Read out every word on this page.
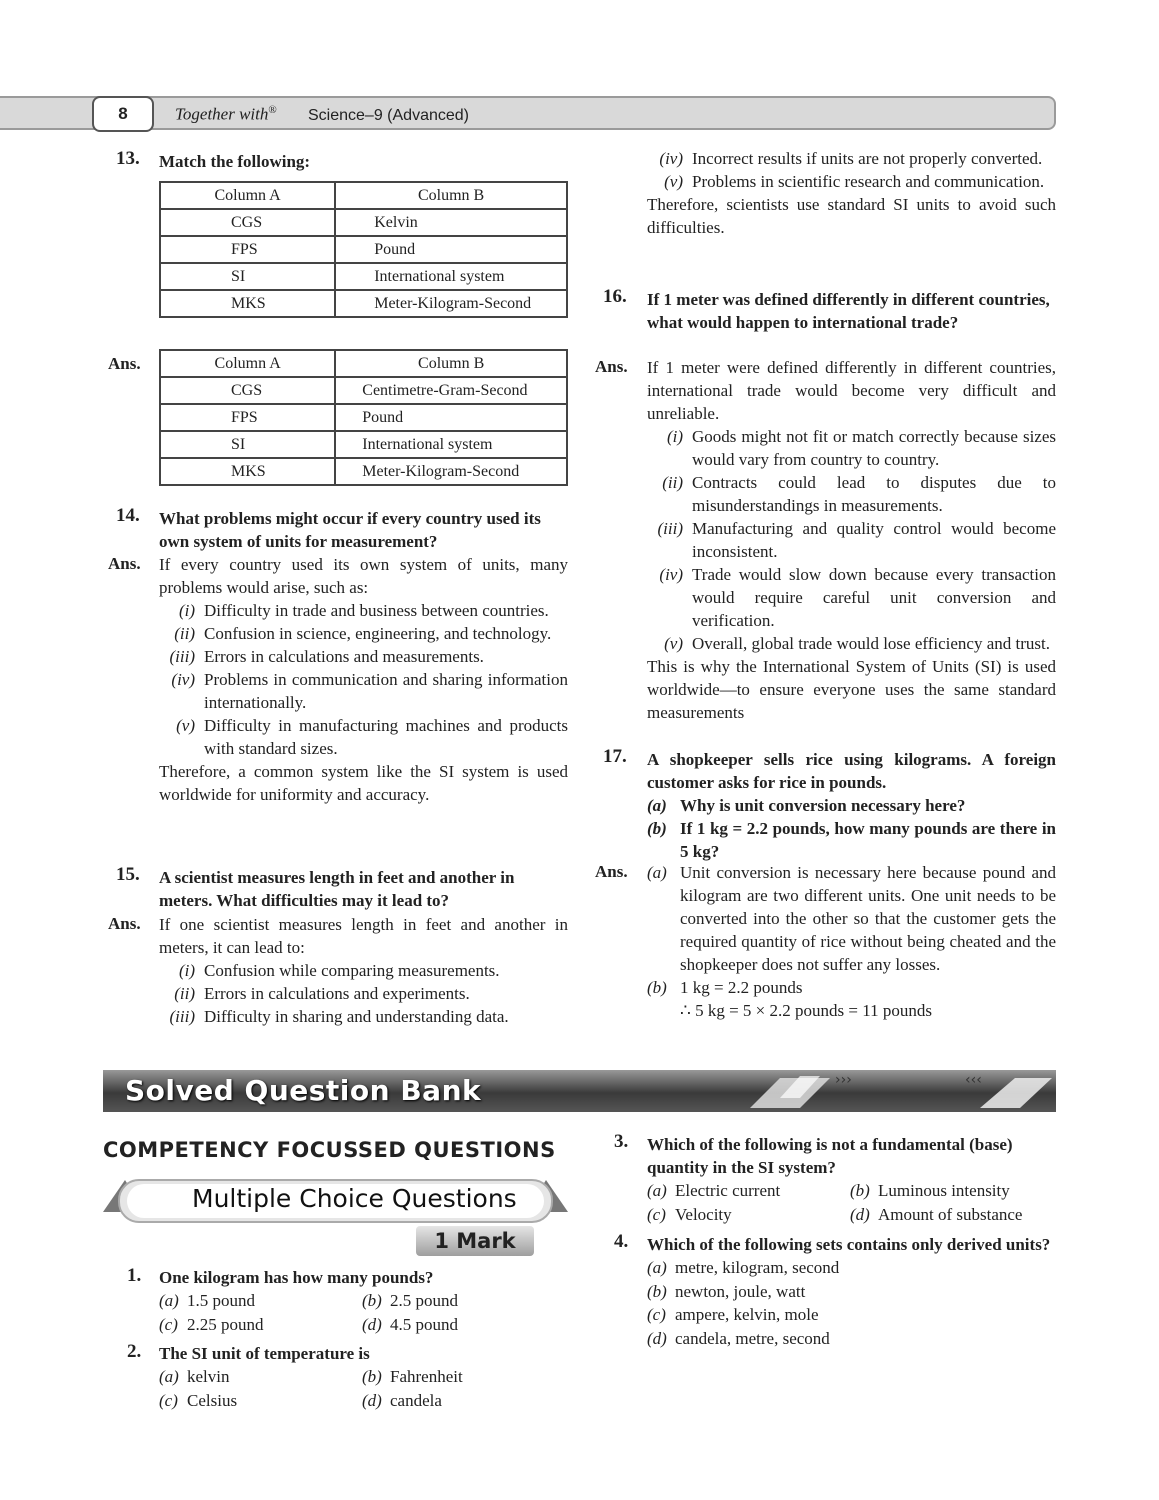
8	Together with® Science–9 (Advanced)
13. Match the following:
Column A	Column B
CGS	Kelvin
FPS	Pound
SI	International system
MKS	Meter-Kilogram-Second
Ans.	Column A	Column B
CGS	Centimetre-Gram-Second
FPS	Pound
SI	International system
MKS	Meter-Kilogram-Second
14. What problems might occur if every country used its own system of units for measurement?
Ans. If every country used its own system of units, many problems would arise, such as:

(i) Difficulty in trade and business between countries.
(ii) Confusion in science, engineering, and technology.
(iii) Errors in calculations and measurements.
(iv) Problems in communication and sharing information internationally.
(v) Difficulty in manufacturing machines and products with standard sizes.

Therefore, a common system like the SI system is used worldwide for uniformity and accuracy.

15. A scientist measures length in feet and another in meters. What difficulties may it lead to?
Ans. If one scientist measures length in feet and another in meters, it can lead to:

(i) Confusion while comparing measurements.
(ii) Errors in calculations and experiments.
(iii) Difficulty in sharing and understanding data.
(iv) Incorrect results if units are not properly converted.
(v) Problems in scientific research and communication.

Therefore, scientists use standard SI units to avoid such difficulties.

16. If 1 meter was defined differently in different countries, what would happen to international trade?
Ans. If 1 meter were defined differently in different countries, international trade would become very difficult and unreliable.

(i) Goods might not fit or match correctly because sizes would vary from country to country.
(ii) Contracts could lead to disputes due to misunderstandings in measurements.
(iii) Manufacturing and quality control would become inconsistent.
(iv) Trade would slow down because every transaction would require careful unit conversion and verification.
(v) Overall, global trade would lose efficiency and trust.

This is why the International System of Units (SI) is used worldwide—to ensure everyone uses the same standard measurements

17. A shopkeeper sells rice using kilograms. A foreign customer asks for rice in pounds.

(a) Why is unit conversion necessary here?
(b) If 1 kg = 2.2 pounds, how many pounds are there in 5 kg?
Ans. (a) Unit conversion is necessary here because pound and kilogram are two different units. One unit needs to be converted into the other so that the customer gets the required quantity of rice without being cheated and the shopkeeper does not suffer any losses.
(b) 1 kg = 2.2 pounds
∴ 5 kg = 5 × 2.2 pounds = 11 pounds
›››	‹‹‹
Solved Question Bank
COMPETENCY FOCUSSED QUESTIONS
Multiple Choice Questions
1 Mark
1. One kilogram has how many pounds?

(a) 1.5 pound	(b) 2.5 pound
(c) 2.25 pound	(d) 4.5 pound
2. The SI unit of temperature is

(a) kelvin	(b) Fahrenheit
(c) Celsius	(d) candela
3. Which of the following is not a fundamental (base) quantity in the SI system?

(a) Electric current	(b) Luminous intensity
(c) Velocity	(d) Amount of substance
4. Which of the following sets contains only derived units?

(a) metre, kilogram, second
(b) newton, joule, watt
(c) ampere, kelvin, mole
(d) candela, metre, second
